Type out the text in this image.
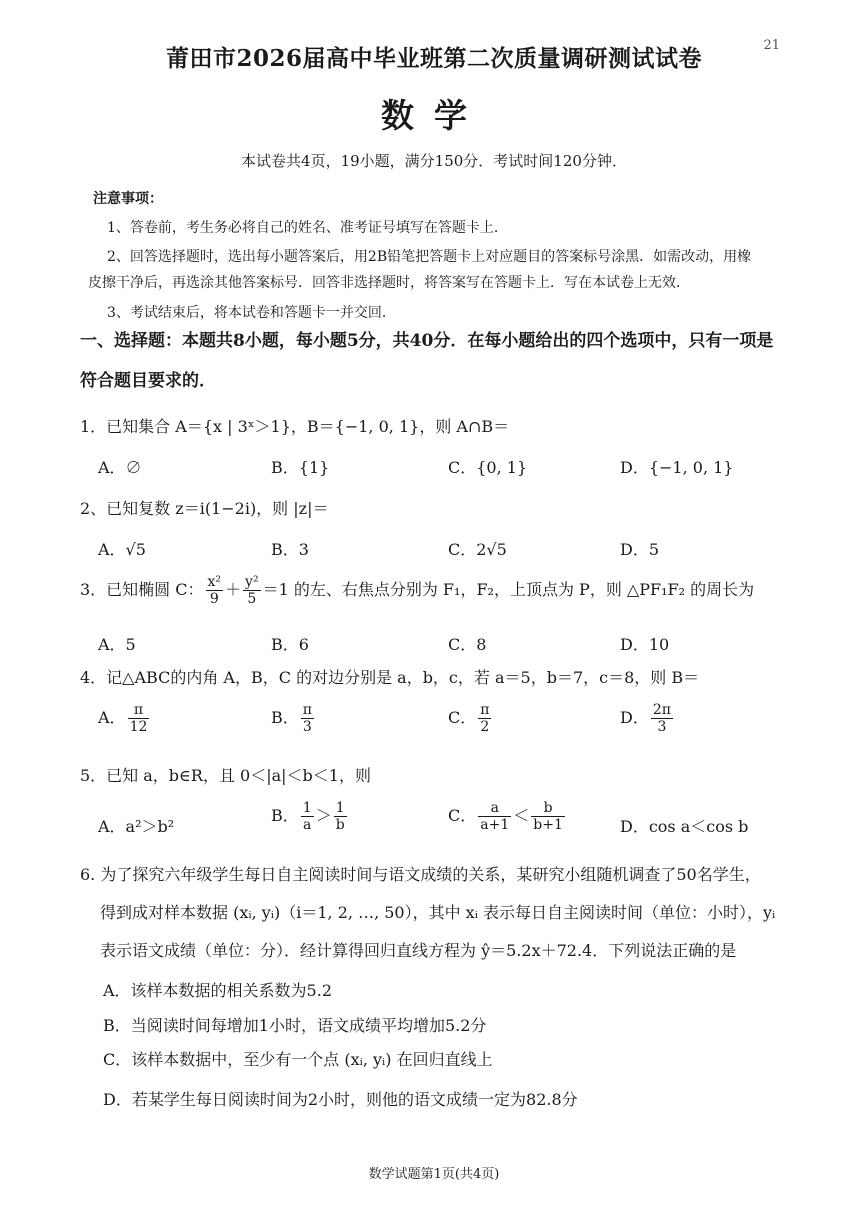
莆田市2026届高中毕业班第二次质量调研测试试卷	21
数学
本试卷共4页，19小题，满分150分．考试时间120分钟．
注意事项：
1、答卷前，考生务必将自己的姓名、准考证号填写在答题卡上．
2、回答选择题时，选出每小题答案后，用2B铅笔把答题卡上对应题目的答案标号涂黑．如需改动，用橡
皮擦干净后，再选涂其他答案标号．回答非选择题时，将答案写在答题卡上．写在本试卷上无效．
3、考试结束后，将本试卷和答题卡一并交回．
一、选择题：本题共8小题，每小题5分，共40分．在每小题给出的四个选项中，只有一项是
符合题目要求的．
1．已知集合 A＝{x | 3ˣ＞1}，B＝{−1, 0, 1}，则 A∩B＝
A．∅	B．{1}	C．{0, 1}	D．{−1, 0, 1}
2、已知复数 z＝i(1−2i)，则 |z|＝
A．√5	B．3	C．2√5	D．5
3．已知椭圆 C： $\frac{\text{x²}}{9} + \frac{\text{y²}}{5} =1$ 的左、右焦点分别为 F₁，F₂，上顶点为 P，则 △PF₁F₂ 的周长为
A．5	B．6	C．8	D．10
4．记△ABC的内角 A，B，C 的对边分别是 a，b，c，若 a＝5，b＝7，c＝8，则 B＝
A． $\frac{\pi}{12}$	B． $\frac{\pi}{3}$	C． $\frac{\pi}{2}$	D． $\frac{2\pi}{3}$
5．已知 a，b∈R，且 0＜|a|＜b＜1，则
A．a²＞b²
B． $\frac{1}{a} > \frac{1}{b}$	C． $\frac{a}{a+1} < \frac{b}{b+1}$	D．cos a＜cos b
6. 为了探究六年级学生每日自主阅读时间与语文成绩的关系，某研究小组随机调查了50名学生，
得到成对样本数据 (xᵢ, yᵢ)（i＝1, 2, …, 50），其中 xᵢ 表示每日自主阅读时间（单位：小时），yᵢ
表示语文成绩（单位：分）．经计算得回归直线方程为 ŷ＝5.2x＋72.4．下列说法正确的是
A．该样本数据的相关系数为5.2
B．当阅读时间每增加1小时，语文成绩平均增加5.2分
C．该样本数据中，至少有一个点 (xᵢ, yᵢ) 在回归直线上
D．若某学生每日阅读时间为2小时，则他的语文成绩一定为82.8分
数学试题第1页(共4页)
